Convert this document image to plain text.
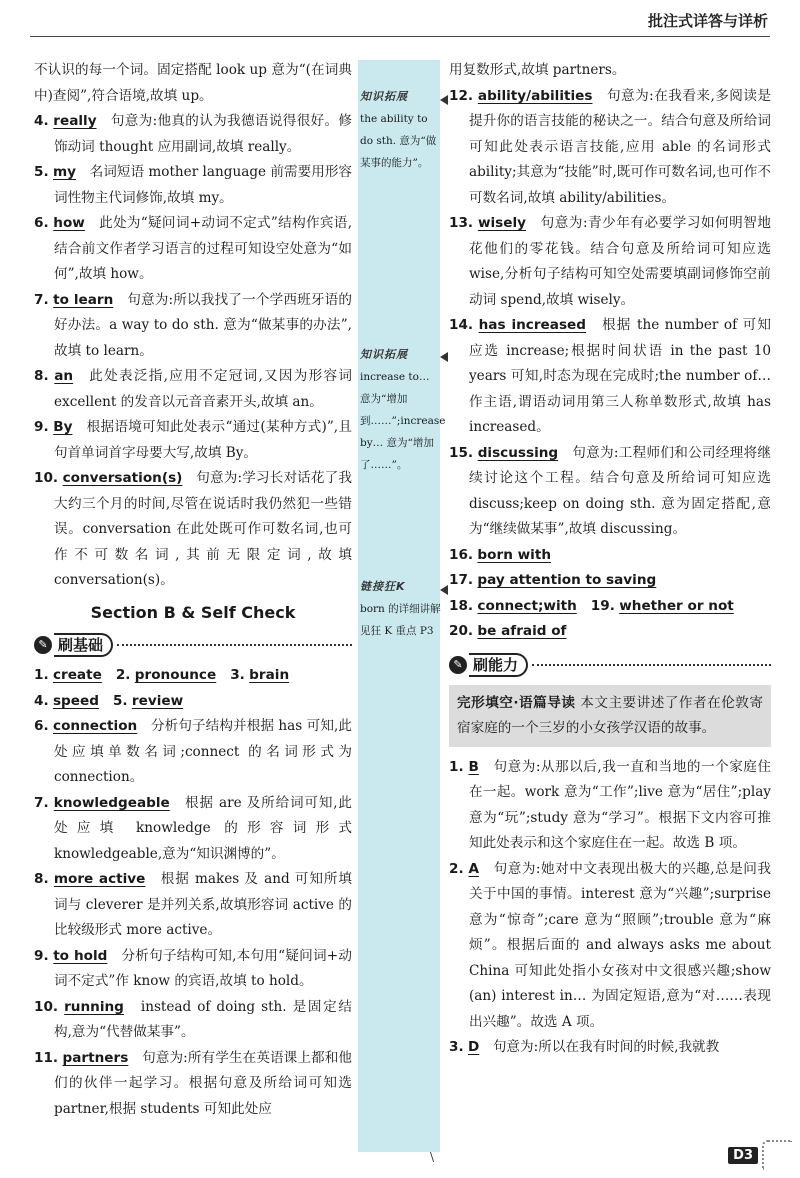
批注式详答与详析

不认识的每一个词。固定搭配 look up 意为“(在词典中)查阅”,符合语境,故填 up。

4. really　 句意为:他真的认为我德语说得很好。修饰动词 thought 应用副词,故填 really。

5. my　 名词短语 mother language 前需要用形容词性物主代词修饰,故填 my。

6. how　 此处为“疑问词+动词不定式”结构作宾语,结合前文作者学习语言的过程可知设空处意为“如何”,故填 how。

7. to learn　 句意为:所以我找了一个学西班牙语的好办法。a way to do sth. 意为“做某事的办法”,故填 to learn。

8. an　 此处表泛指,应用不定冠词,又因为形容词 excellent 的发音以元音音素开头,故填 an。

9. By　 根据语境可知此处表示“通过(某种方式)”,且句首单词首字母要大写,故填 By。

10. conversation(s)　 句意为:学习长对话花了我大约三个月的时间,尽管在说话时我仍然犯一些错误。conversation 在此处既可作可数名词,也可作不可数名词,其前无限定词,故填 conversation(s)。

Section B & Self Check
✎ 刷基础

1. create 2. pronounce 3. brain

4. speed 5. review

6. connection　 分析句子结构并根据 has 可知,此处应填单数名词;connect 的名词形式为 connection。

7. knowledgeable　 根据 are 及所给词可知,此处应填 knowledge 的形容词形式 knowledgeable,意为“知识渊博的”。

8. more active　 根据 makes 及 and 可知所填词与 cleverer 是并列关系,故填形容词 active 的比较级形式 more active。

9. to hold　 分析句子结构可知,本句用“疑问词+动词不定式”作 know 的宾语,故填 to hold。

10. running　 instead of doing sth. 是固定结构,意为“代替做某事”。

11. partners　 句意为:所有学生在英语课上都和他们的伙伴一起学习。根据句意及所给词可知选 partner,根据 students 可知此处应

知识拓展
the ability to do sth. 意为“做某事的能力”。
知识拓展
increase to… 意为“增加到……”;increase by… 意为“增加了……”。
链接狂K
born 的详细讲解见狂 K 重点 P3

用复数形式,故填 partners。

12. ability/abilities　 句意为:在我看来,多阅读是提升你的语言技能的秘诀之一。结合句意及所给词可知此处表示语言技能,应用 able 的名词形式 ability;其意为“技能”时,既可作可数名词,也可作不可数名词,故填 ability/abilities。

13. wisely　 句意为:青少年有必要学习如何明智地花他们的零花钱。结合句意及所给词可知应选 wise,分析句子结构可知空处需要填副词修饰空前动词 spend,故填 wisely。

14. has increased　 根据 the number of 可知应选 increase;根据时间状语 in the past 10 years 可知,时态为现在完成时;the number of… 作主语,谓语动词用第三人称单数形式,故填 has increased。

15. discussing　 句意为:工程师们和公司经理将继续讨论这个工程。结合句意及所给词可知应选 discuss;keep on doing sth. 意为固定搭配,意为“继续做某事”,故填 discussing。

16. born with

17. pay attention to saving

18. connect;with 19. whether or not

20. be afraid of

✎ 刷能力
完形填空·语篇导读 本文主要讲述了作者在伦敦寄宿家庭的一个三岁的小女孩学汉语的故事。

1. B　 句意为:从那以后,我一直和当地的一个家庭住在一起。work 意为“工作”;live 意为“居住”;play 意为“玩”;study 意为“学习”。根据下文内容可推知此处表示和这个家庭住在一起。故选 B 项。

2. A　 句意为:她对中文表现出极大的兴趣,总是问我关于中国的事情。interest 意为“兴趣”;surprise 意为“惊奇”;care 意为“照顾”;trouble 意为“麻烦”。根据后面的 and always asks me about China 可知此处指小女孩对中文很感兴趣;show (an) interest in… 为固定短语,意为“对……表现出兴趣”。故选 A 项。

3. D　 句意为:所以在我有时间的时候,我就教

\	D3
